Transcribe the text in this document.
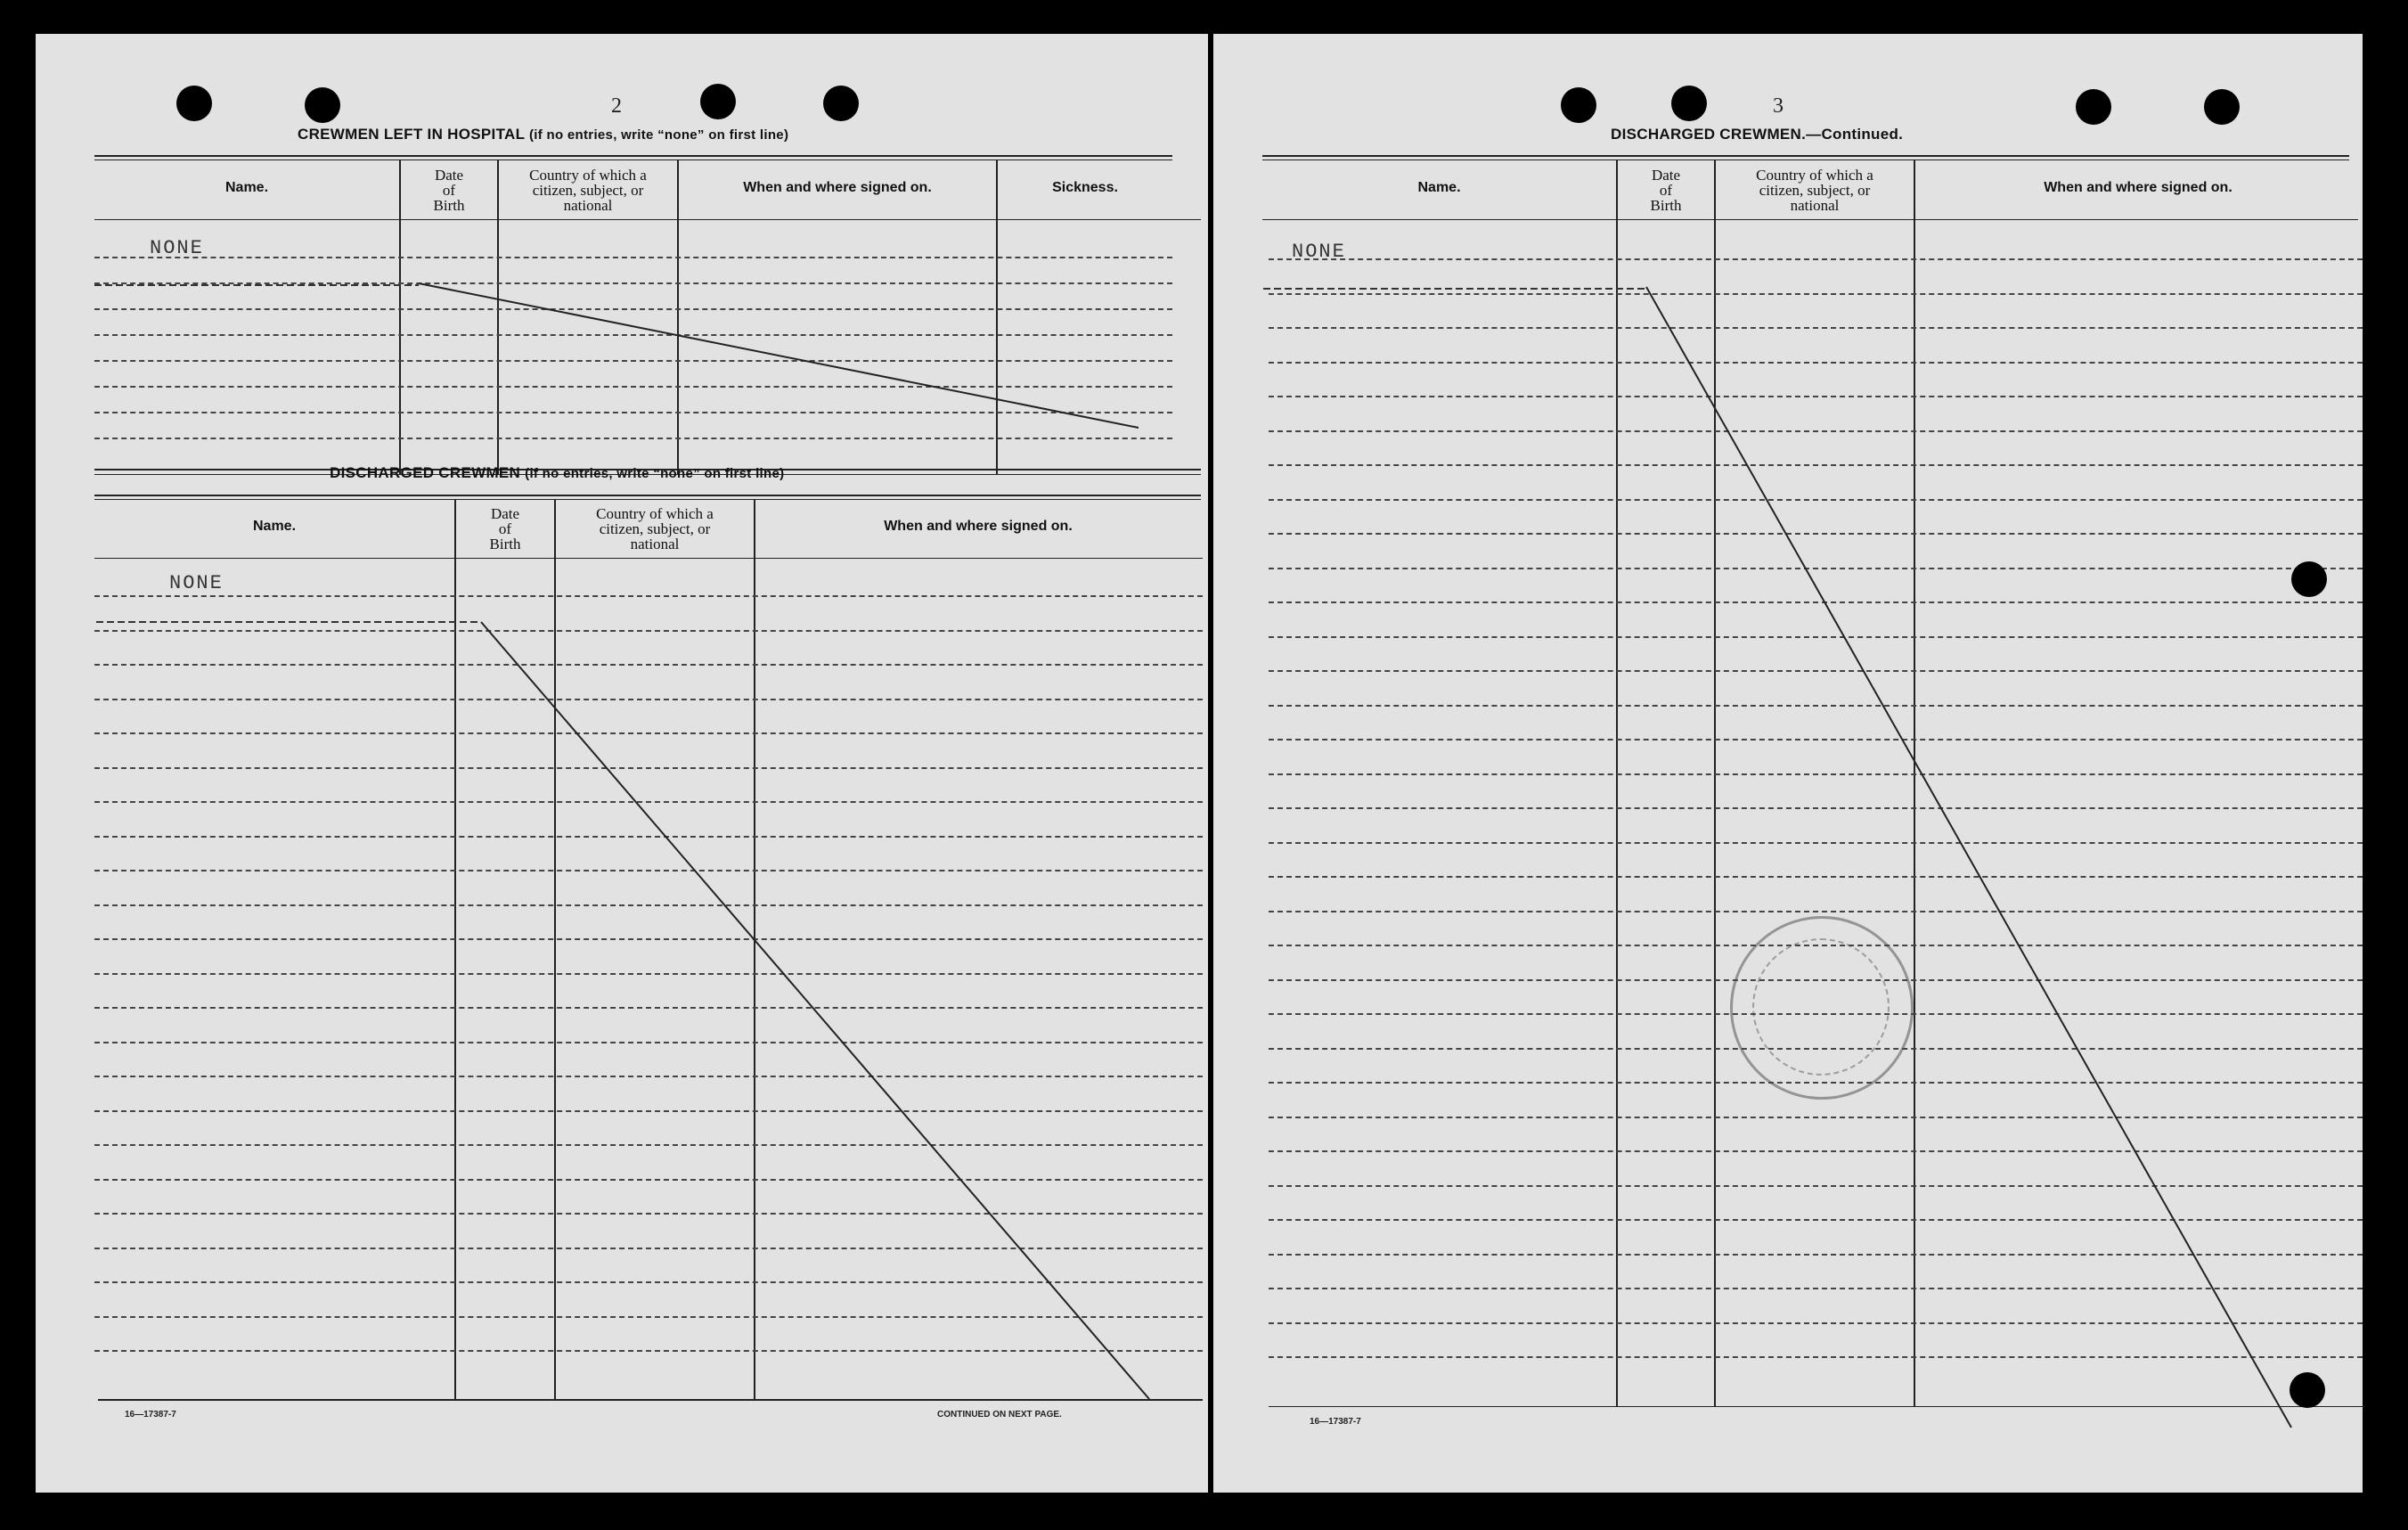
2
CREWMEN LEFT IN HOSPITAL (if no entries, write “none” on first line)
NONE
DISCHARGED CREWMEN (if no entries, write “none” on first line)
NONE
16—17387-7	CONTINUED ON NEXT PAGE.
Name.
Date
of
Birth
Country of which a
citizen, subject, or
national
When and where signed on.	Sickness.
Name.
Date
of
Birth
Country of which a
citizen, subject, or
national
When and where signed on.
3
DISCHARGED CREWMEN.—Continued.
NONE
16—17387-7
Name.
Date
of
Birth
Country of which a
citizen, subject, or
national
When and where signed on.
